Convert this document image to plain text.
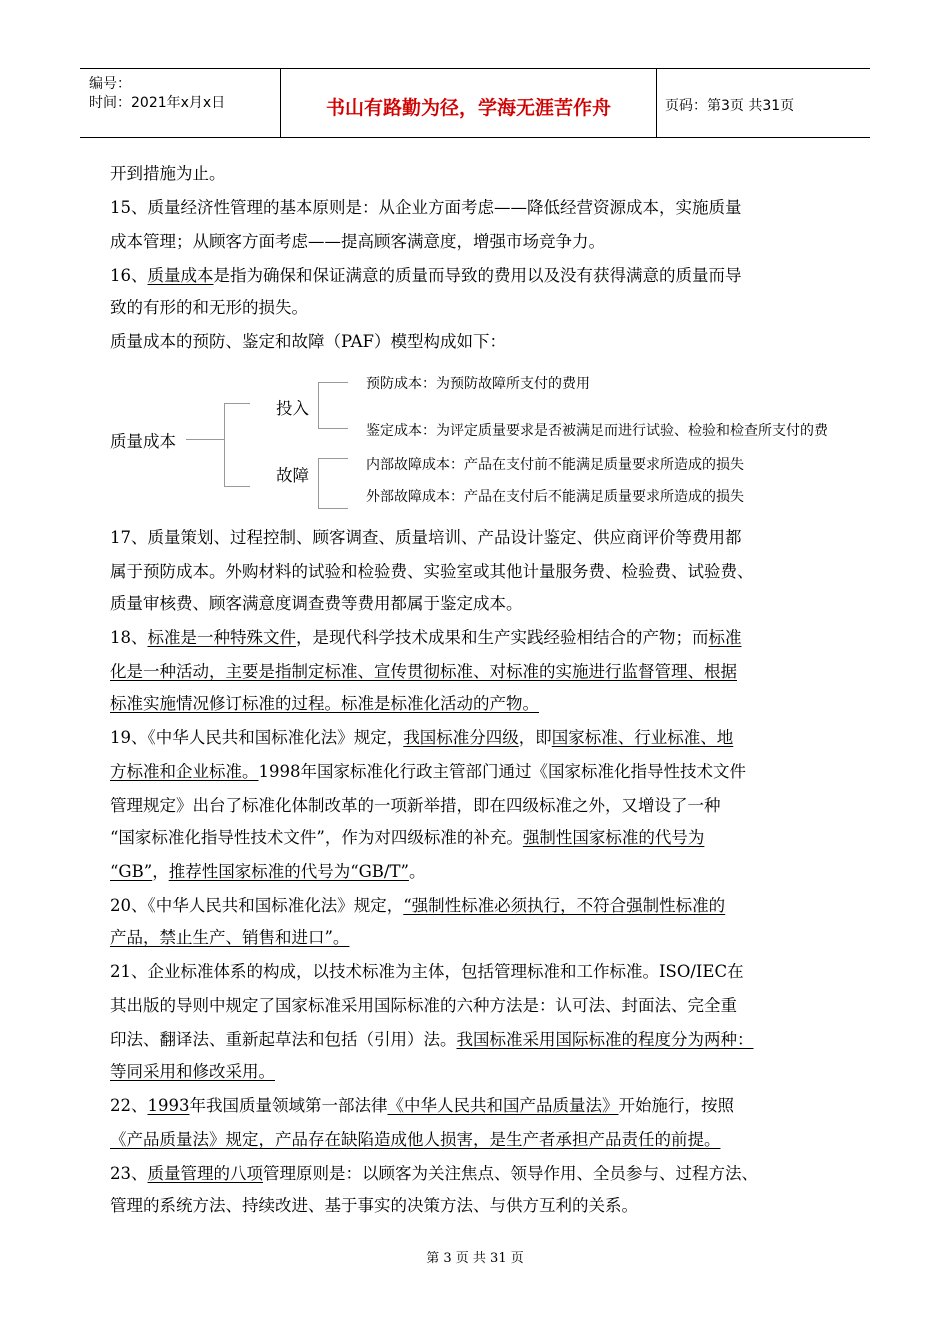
编号：
时间：2021年x月x日	书山有路勤为径，学海无涯苦作舟	页码：第3页 共31页
开到措施为止。
15、质量经济性管理的基本原则是：从企业方面考虑——降低经营资源成本，实施质量
成本管理；从顾客方面考虑——提高顾客满意度，增强市场竞争力。
16、质量成本是指为确保和保证满意的质量而导致的费用以及没有获得满意的质量而导
致的有形的和无形的损失。
质量成本的预防、鉴定和故障（PAF）模型构成如下：
质量成本
投入
故障
预防成本：为预防故障所支付的费用
鉴定成本：为评定质量要求是否被满足而进行试验、检验和检查所支付的费
内部故障成本：产品在支付前不能满足质量要求所造成的损失
外部故障成本：产品在支付后不能满足质量要求所造成的损失
17、质量策划、过程控制、顾客调查、质量培训、产品设计鉴定、供应商评价等费用都
属于预防成本。外购材料的试验和检验费、实验室或其他计量服务费、检验费、试验费、
质量审核费、顾客满意度调查费等费用都属于鉴定成本。
18、标准是一种特殊文件，是现代科学技术成果和生产实践经验相结合的产物；而标准
化是一种活动，主要是指制定标准、宣传贯彻标准、对标准的实施进行监督管理、根据
标准实施情况修订标准的过程。标准是标准化活动的产物。
19、《中华人民共和国标准化法》规定，我国标准分四级，即国家标准、行业标准、地
方标准和企业标准。1998年国家标准化行政主管部门通过《国家标准化指导性技术文件
管理规定》出台了标准化体制改革的一项新举措，即在四级标准之外，又增设了一种
“国家标准化指导性技术文件”，作为对四级标准的补充。强制性国家标准的代号为
“GB”，推荐性国家标准的代号为“GB/T”。
20、《中华人民共和国标准化法》规定，“强制性标准必须执行，不符合强制性标准的
产品，禁止生产、销售和进口”。
21、企业标准体系的构成，以技术标准为主体，包括管理标准和工作标准。ISO/IEC在
其出版的导则中规定了国家标准采用国际标准的六种方法是：认可法、封面法、完全重
印法、翻译法、重新起草法和包括（引用）法。我国标准采用国际标准的程度分为两种：
等同采用和修改采用。
22、1993年我国质量领域第一部法律《中华人民共和国产品质量法》开始施行，按照
《产品质量法》规定，产品存在缺陷造成他人损害，是生产者承担产品责任的前提。
23、质量管理的八项管理原则是：以顾客为关注焦点、领导作用、全员参与、过程方法、
管理的系统方法、持续改进、基于事实的决策方法、与供方互利的关系。
第 3 页 共 31 页
